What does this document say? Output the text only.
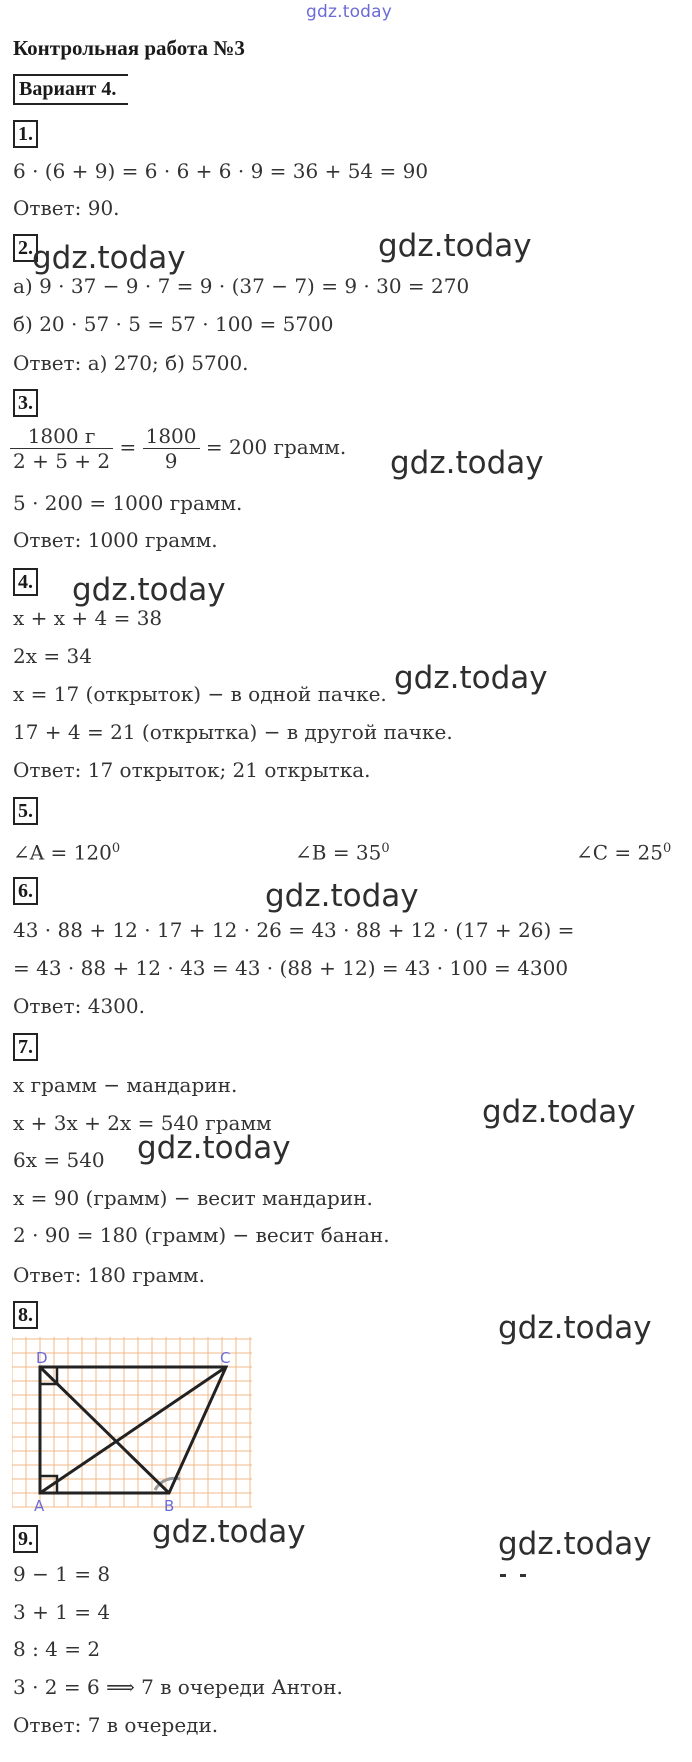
gdz.today
Контрольная работа №3
Вариант 4.
1.
6 · (6 + 9) = 6 · 6 + 6 · 9 = 36 + 54 = 90
Ответ: 90.
2.
а) 9 · 37 − 9 · 7 = 9 · (37 − 7) = 9 · 30 = 270
б) 20 · 57 · 5 = 57 · 100 = 5700
Ответ: а) 270; б) 5700.
3.
$\frac{1800 г}{2 + 5 + 2} = \frac{1800}{9} = 200$ грамм.
5 · 200 = 1000 грамм.
Ответ: 1000 грамм.
4.
x + x + 4 = 38
2x = 34
x = 17 (открыток) − в одной пачке.
17 + 4 = 21 (открытка) − в другой пачке.
Ответ: 17 открыток; 21 открытка.
5.
∠A = $120^0$	∠B = $35^0$	∠C = $25^0$
6.
43 · 88 + 12 · 17 + 12 · 26 = 43 · 88 + 12 · (17 + 26) =
= 43 · 88 + 12 · 43 = 43 · (88 + 12) = 43 · 100 = 4300
Ответ: 4300.
7.
x грамм − мандарин.
x + 3x + 2x = 540 грамм
6x = 540
x = 90 (грамм) − весит мандарин.
2 · 90 = 180 (грамм) − весит банан.
Ответ: 180 грамм.
8.
D	C
A	B
9.
9 − 1 = 8
3 + 1 = 4
8 : 4 = 2
3 · 2 = 6 ⟹ 7 в очереди Антон.
Ответ: 7 в очереди.
gdz.today	gdz.today
gdz.today
gdz.today
gdz.today
gdz.today
gdz.today
gdz.today
gdz.today
gdz.today	gdz.today
